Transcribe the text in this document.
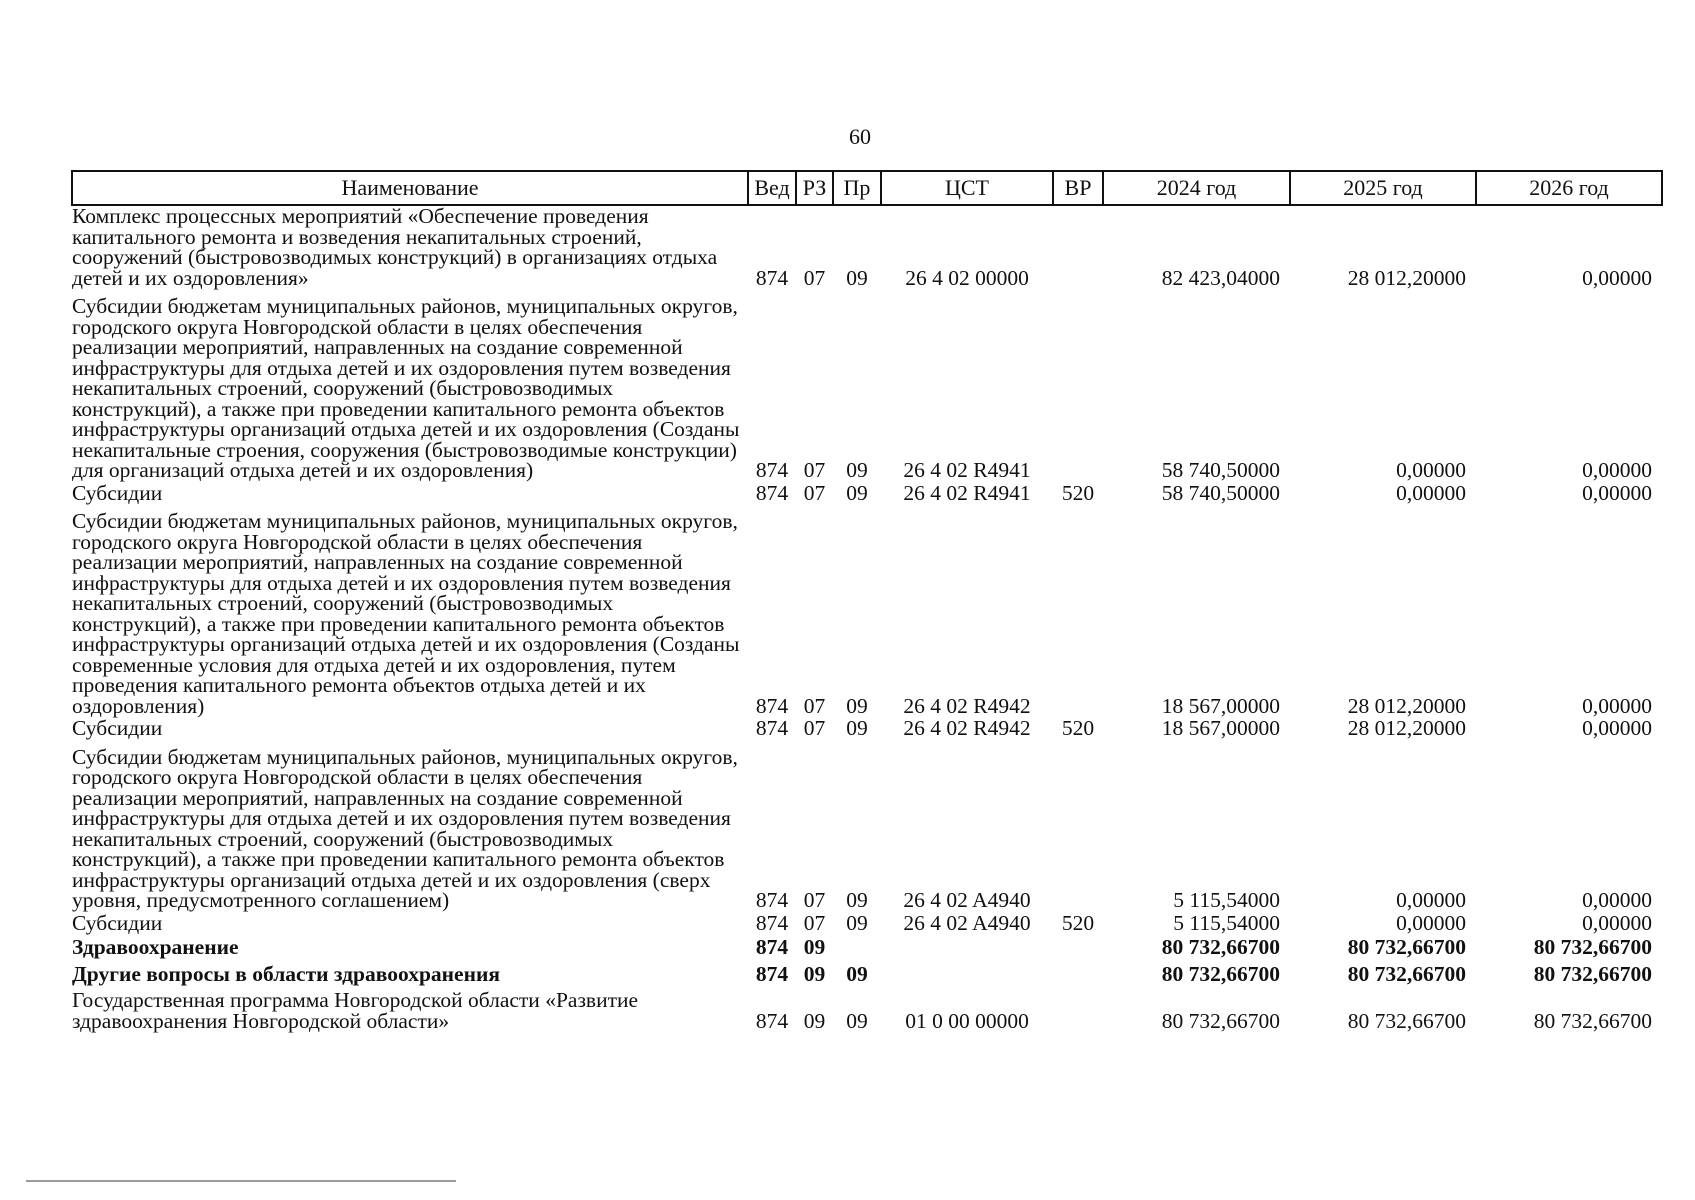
60
Наименование	Вед	РЗ	Пр	ЦСТ	ВР	2024 год	2025 год	2026 год
Комплекс процессных мероприятий «Обеспечение проведения капитального ремонта и возведения некапитальных строений, сооружений (быстровозводимых конструкций) в организациях отдыха детей и их оздоровления»	874	07	09	26 4 02 00000		82 423,04000	28 012,20000	0,00000
Субсидии бюджетам муниципальных районов, муниципальных округов, городского округа Новгородской области в целях обеспечения реализации мероприятий, направленных на создание современной инфраструктуры для отдыха детей и их оздоровления путем возведения некапитальных строений, сооружений (быстровозводимых конструкций), а также при проведении капитального ремонта объектов инфраструктуры организаций отдыха детей и их оздоровления (Созданы некапитальные строения, сооружения (быстровозводимые конструкции) для организаций отдыха детей и их оздоровления)	874	07	09	26 4 02 R4941		58 740,50000	0,00000	0,00000
Субсидии	874	07	09	26 4 02 R4941	520	58 740,50000	0,00000	0,00000
Субсидии бюджетам муниципальных районов, муниципальных округов, городского округа Новгородской области в целях обеспечения реализации мероприятий, направленных на создание современной инфраструктуры для отдыха детей и их оздоровления путем возведения некапитальных строений, сооружений (быстровозводимых конструкций), а также при проведении капитального ремонта объектов инфраструктуры организаций отдыха детей и их оздоровления (Созданы современные условия для отдыха детей и их оздоровления, путем проведения капитального ремонта объектов отдыха детей и их оздоровления)	874	07	09	26 4 02 R4942		18 567,00000	28 012,20000	0,00000
Субсидии	874	07	09	26 4 02 R4942	520	18 567,00000	28 012,20000	0,00000
Субсидии бюджетам муниципальных районов, муниципальных округов, городского округа Новгородской области в целях обеспечения реализации мероприятий, направленных на создание современной инфраструктуры для отдыха детей и их оздоровления путем возведения некапитальных строений, сооружений (быстровозводимых конструкций), а также при проведении капитального ремонта объектов инфраструктуры организаций отдыха детей и их оздоровления (сверх уровня, предусмотренного соглашением)	874	07	09	26 4 02 A4940		5 115,54000	0,00000	0,00000
Субсидии	874	07	09	26 4 02 A4940	520	5 115,54000	0,00000	0,00000
Здравоохранение	874	09				80 732,66700	80 732,66700	80 732,66700
Другие вопросы в области здравоохранения	874	09	09			80 732,66700	80 732,66700	80 732,66700
Государственная программа Новгородской области «Развитие здравоохранения Новгородской области»	874	09	09	01 0 00 00000		80 732,66700	80 732,66700	80 732,66700
